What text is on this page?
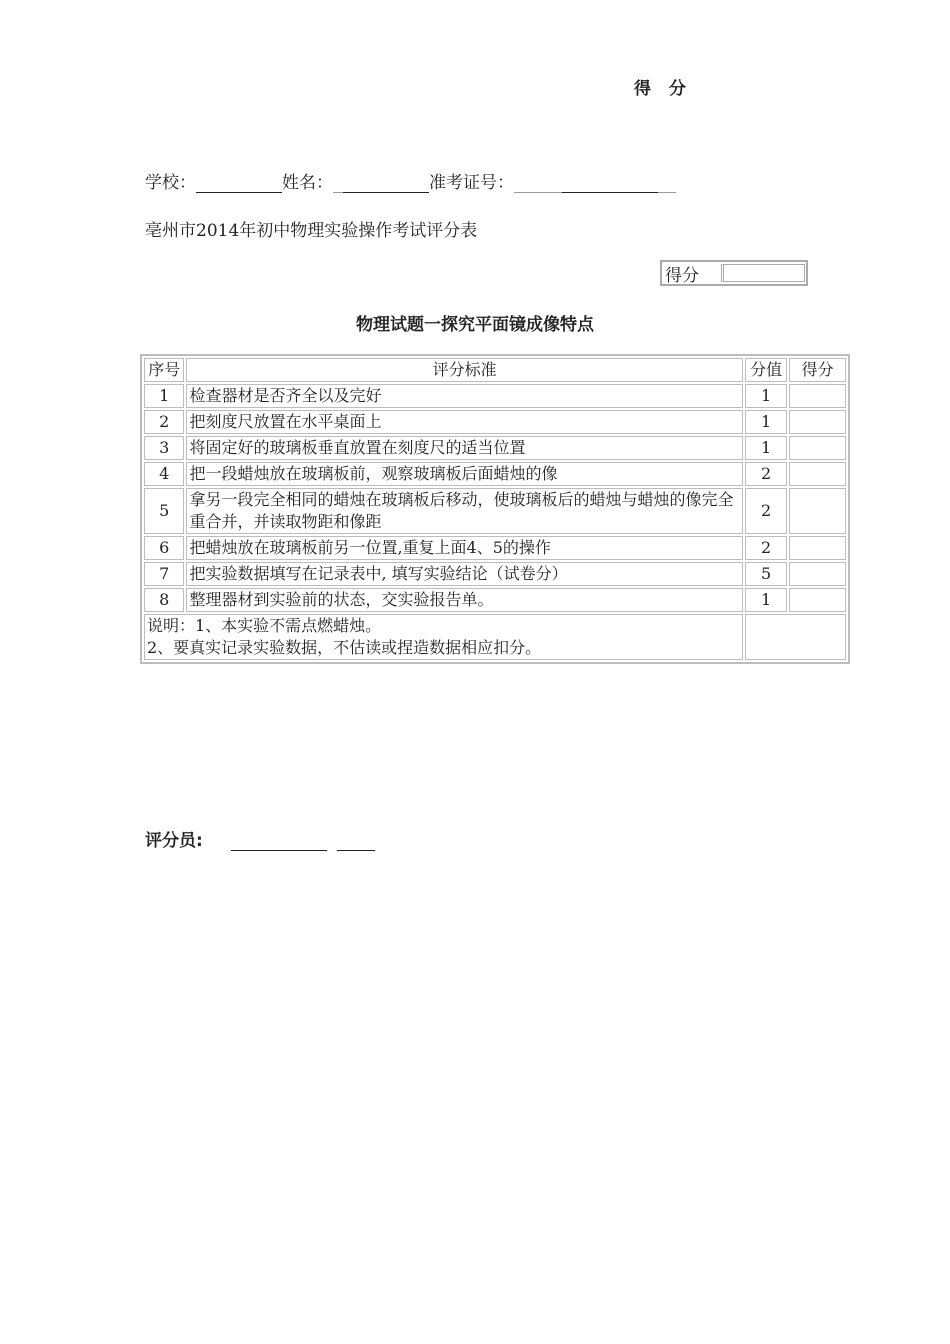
得 分
学校：	姓名：	准考证号：
亳州市2014年初中物理实验操作考试评分表
得分
物理试题一探究平面镜成像特点
序号	评分标准	分值	得分
1	检查器材是否齐全以及完好	1	
2	把刻度尺放置在水平桌面上	1	
3	将固定好的玻璃板垂直放置在刻度尺的适当位置	1	
4	把一段蜡烛放在玻璃板前，观察玻璃板后面蜡烛的像	2	
5	拿另一段完全相同的蜡烛在玻璃板后移动，使玻璃板后的蜡烛与蜡烛的像完全重合并，并读取物距和像距	2	
6	把蜡烛放在玻璃板前另一位置,重复上面4、5的操作	2	
7	把实验数据填写在记录表中, 填写实验结论（试卷分）	5	
8	整理器材到实验前的状态，交实验报告单。	1	

说明：1、本实验不需点燃蜡烛。
2、要真实记录实验数据，不估读或捏造数据相应扣分。			

评分员:
